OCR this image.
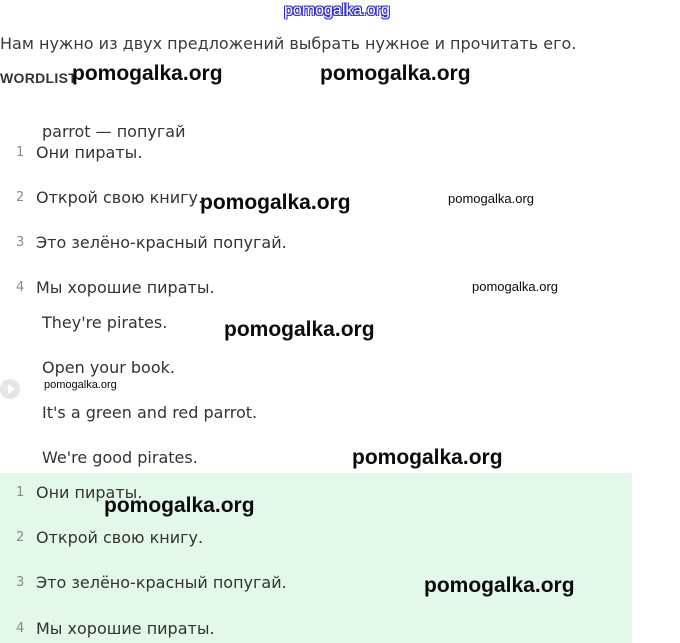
pomogalka.org
Нам нужно из двух предложений выбрать нужное и прочитать его.
WORDLIST
parrot — попугай
1 Они пираты.
2 Открой свою книгу.
3 Это зелёно-красный попугай.
4 Мы хорошие пираты.
They're pirates.
Open your book.
It's a green and red parrot.
We're good pirates.
1 Они пираты.
2 Открой свою книгу.
3 Это зелёно-красный попугай.
4 Мы хорошие пираты.
pomogalka.org	pomogalka.org
pomogalka.org	pomogalka.org
pomogalka.org
pomogalka.org
pomogalka.org
pomogalka.org
pomogalka.org
pomogalka.org
